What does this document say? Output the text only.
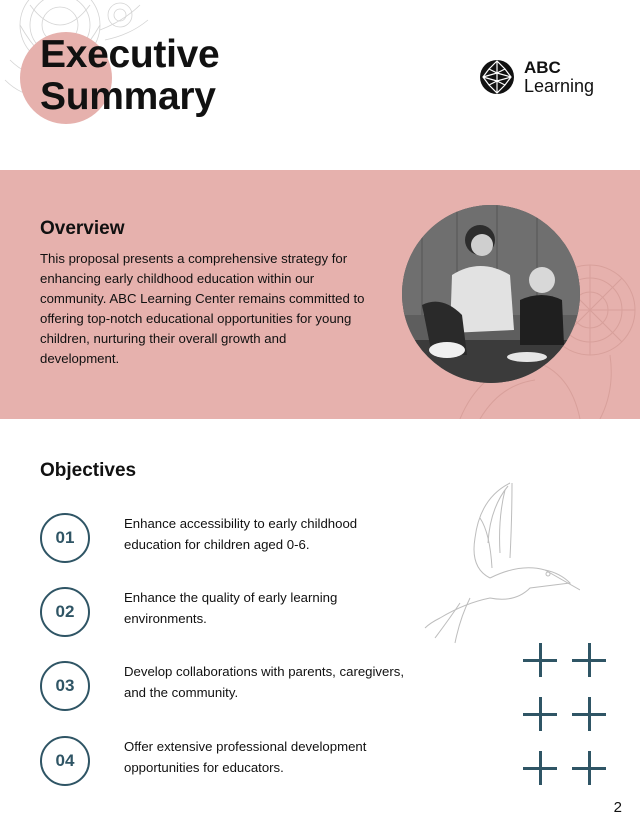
Executive
Summary
ABC
Learning
Overview

This proposal presents a comprehensive strategy for enhancing early childhood education within our community. ABC Learning Center remains committed to offering top-notch educational opportunities for young children, nurturing their overall growth and development.

Objectives
01

Enhance accessibility to early childhood education for children aged 0-6.

02

Enhance the quality of early learning environments.

03

Develop collaborations with parents, caregivers, and the community.

04

Offer extensive professional development opportunities for educators.

2
